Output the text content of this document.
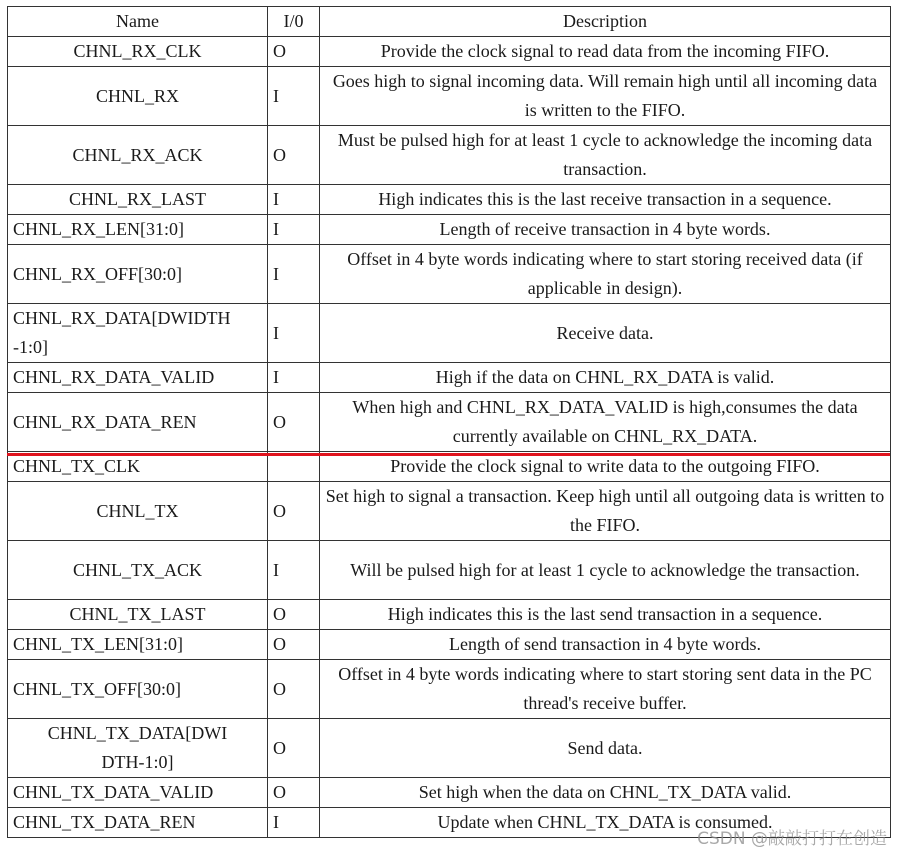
Name	I/0	Description
CHNL_RX_CLK	O	Provide the clock signal to read data from the incoming FIFO.
CHNL_RX	I	Goes high to signal incoming data. Will remain high until all incoming data is written to the FIFO.
CHNL_RX_ACK	O	Must be pulsed high for at least 1 cycle to acknowledge the incoming data transaction.
CHNL_RX_LAST	I	High indicates this is the last receive transaction in a sequence.
CHNL_RX_LEN[31:0]	I	Length of receive transaction in 4 byte words.
CHNL_RX_OFF[30:0]	I	Offset in 4 byte words indicating where to start storing received data (if applicable in design).
CHNL_RX_DATA[DWIDTH
-1:0]	I	Receive data.
CHNL_RX_DATA_VALID	I	High if the data on CHNL_RX_DATA is valid.
CHNL_RX_DATA_REN	O	When high and CHNL_RX_DATA_VALID is high,consumes the data currently available on CHNL_RX_DATA.
CHNL_TX_CLK		Provide the clock signal to write data to the outgoing FIFO.
CHNL_TX	O	Set high to signal a transaction. Keep high until all outgoing data is written to the FIFO.
CHNL_TX_ACK	I	Will be pulsed high for at least 1 cycle to acknowledge the transaction.
CHNL_TX_LAST	O	High indicates this is the last send transaction in a sequence.
CHNL_TX_LEN[31:0]	O	Length of send transaction in 4 byte words.
CHNL_TX_OFF[30:0]	O	Offset in 4 byte words indicating where to start storing sent data in the PC thread's receive buffer.
CHNL_TX_DATA[DWI
DTH-1:0]	O	Send data.
CHNL_TX_DATA_VALID	O	Set high when the data on CHNL_TX_DATA valid.
CHNL_TX_DATA_REN	I	Update when CHNL_TX_DATA is consumed.
CSDN @敲敲打打在创造
